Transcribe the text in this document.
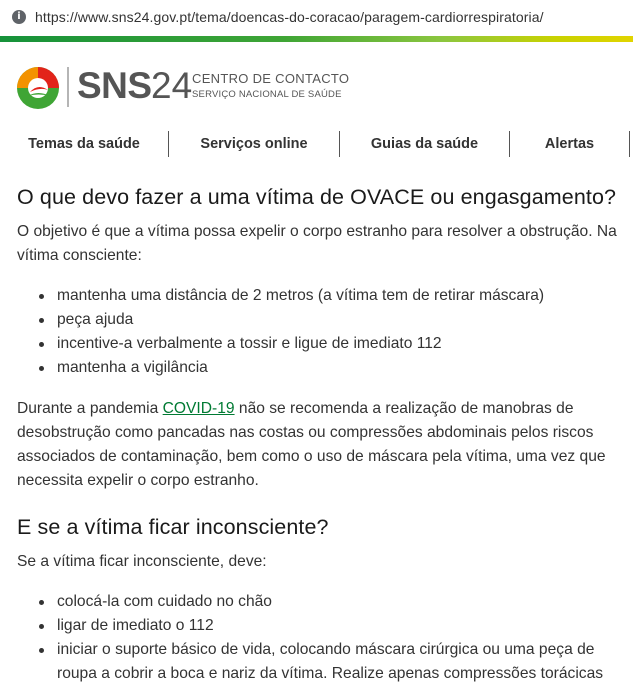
i	https://www.sns24.gov.pt/tema/doencas-do-coracao/paragem-cardiorrespiratoria/
SNS 24 CENTRO DE CONTACTO
SERVIÇO NACIONAL DE SAÚDE
Temas da saúde	Serviços online	Guias da saúde	Alertas
O que devo fazer a uma vítima de OVACE ou engasgamento?

O objetivo é que a vítima possa expelir o corpo estranho para resolver a obstrução. Na vítima consciente:

mantenha uma distância de 2 metros (a vítima tem de retirar máscara)
peça ajuda
incentive-a verbalmente a tossir e ligue de imediato 112
mantenha a vigilância

Durante a pandemia COVID-19 não se recomenda a realização de manobras de desobstrução como pancadas nas costas ou compressões abdominais pelos riscos associados de contaminação, bem como o uso de máscara pela vítima, uma vez que necessita expelir o corpo estranho.

E se a vítima ficar inconsciente?

Se a vítima ficar inconsciente, deve:

colocá-la com cuidado no chão
ligar de imediato o 112
iniciar o suporte básico de vida, colocando máscara cirúrgica ou uma peça de roupa a cobrir a boca e nariz da vítima. Realize apenas compressões torácicas
